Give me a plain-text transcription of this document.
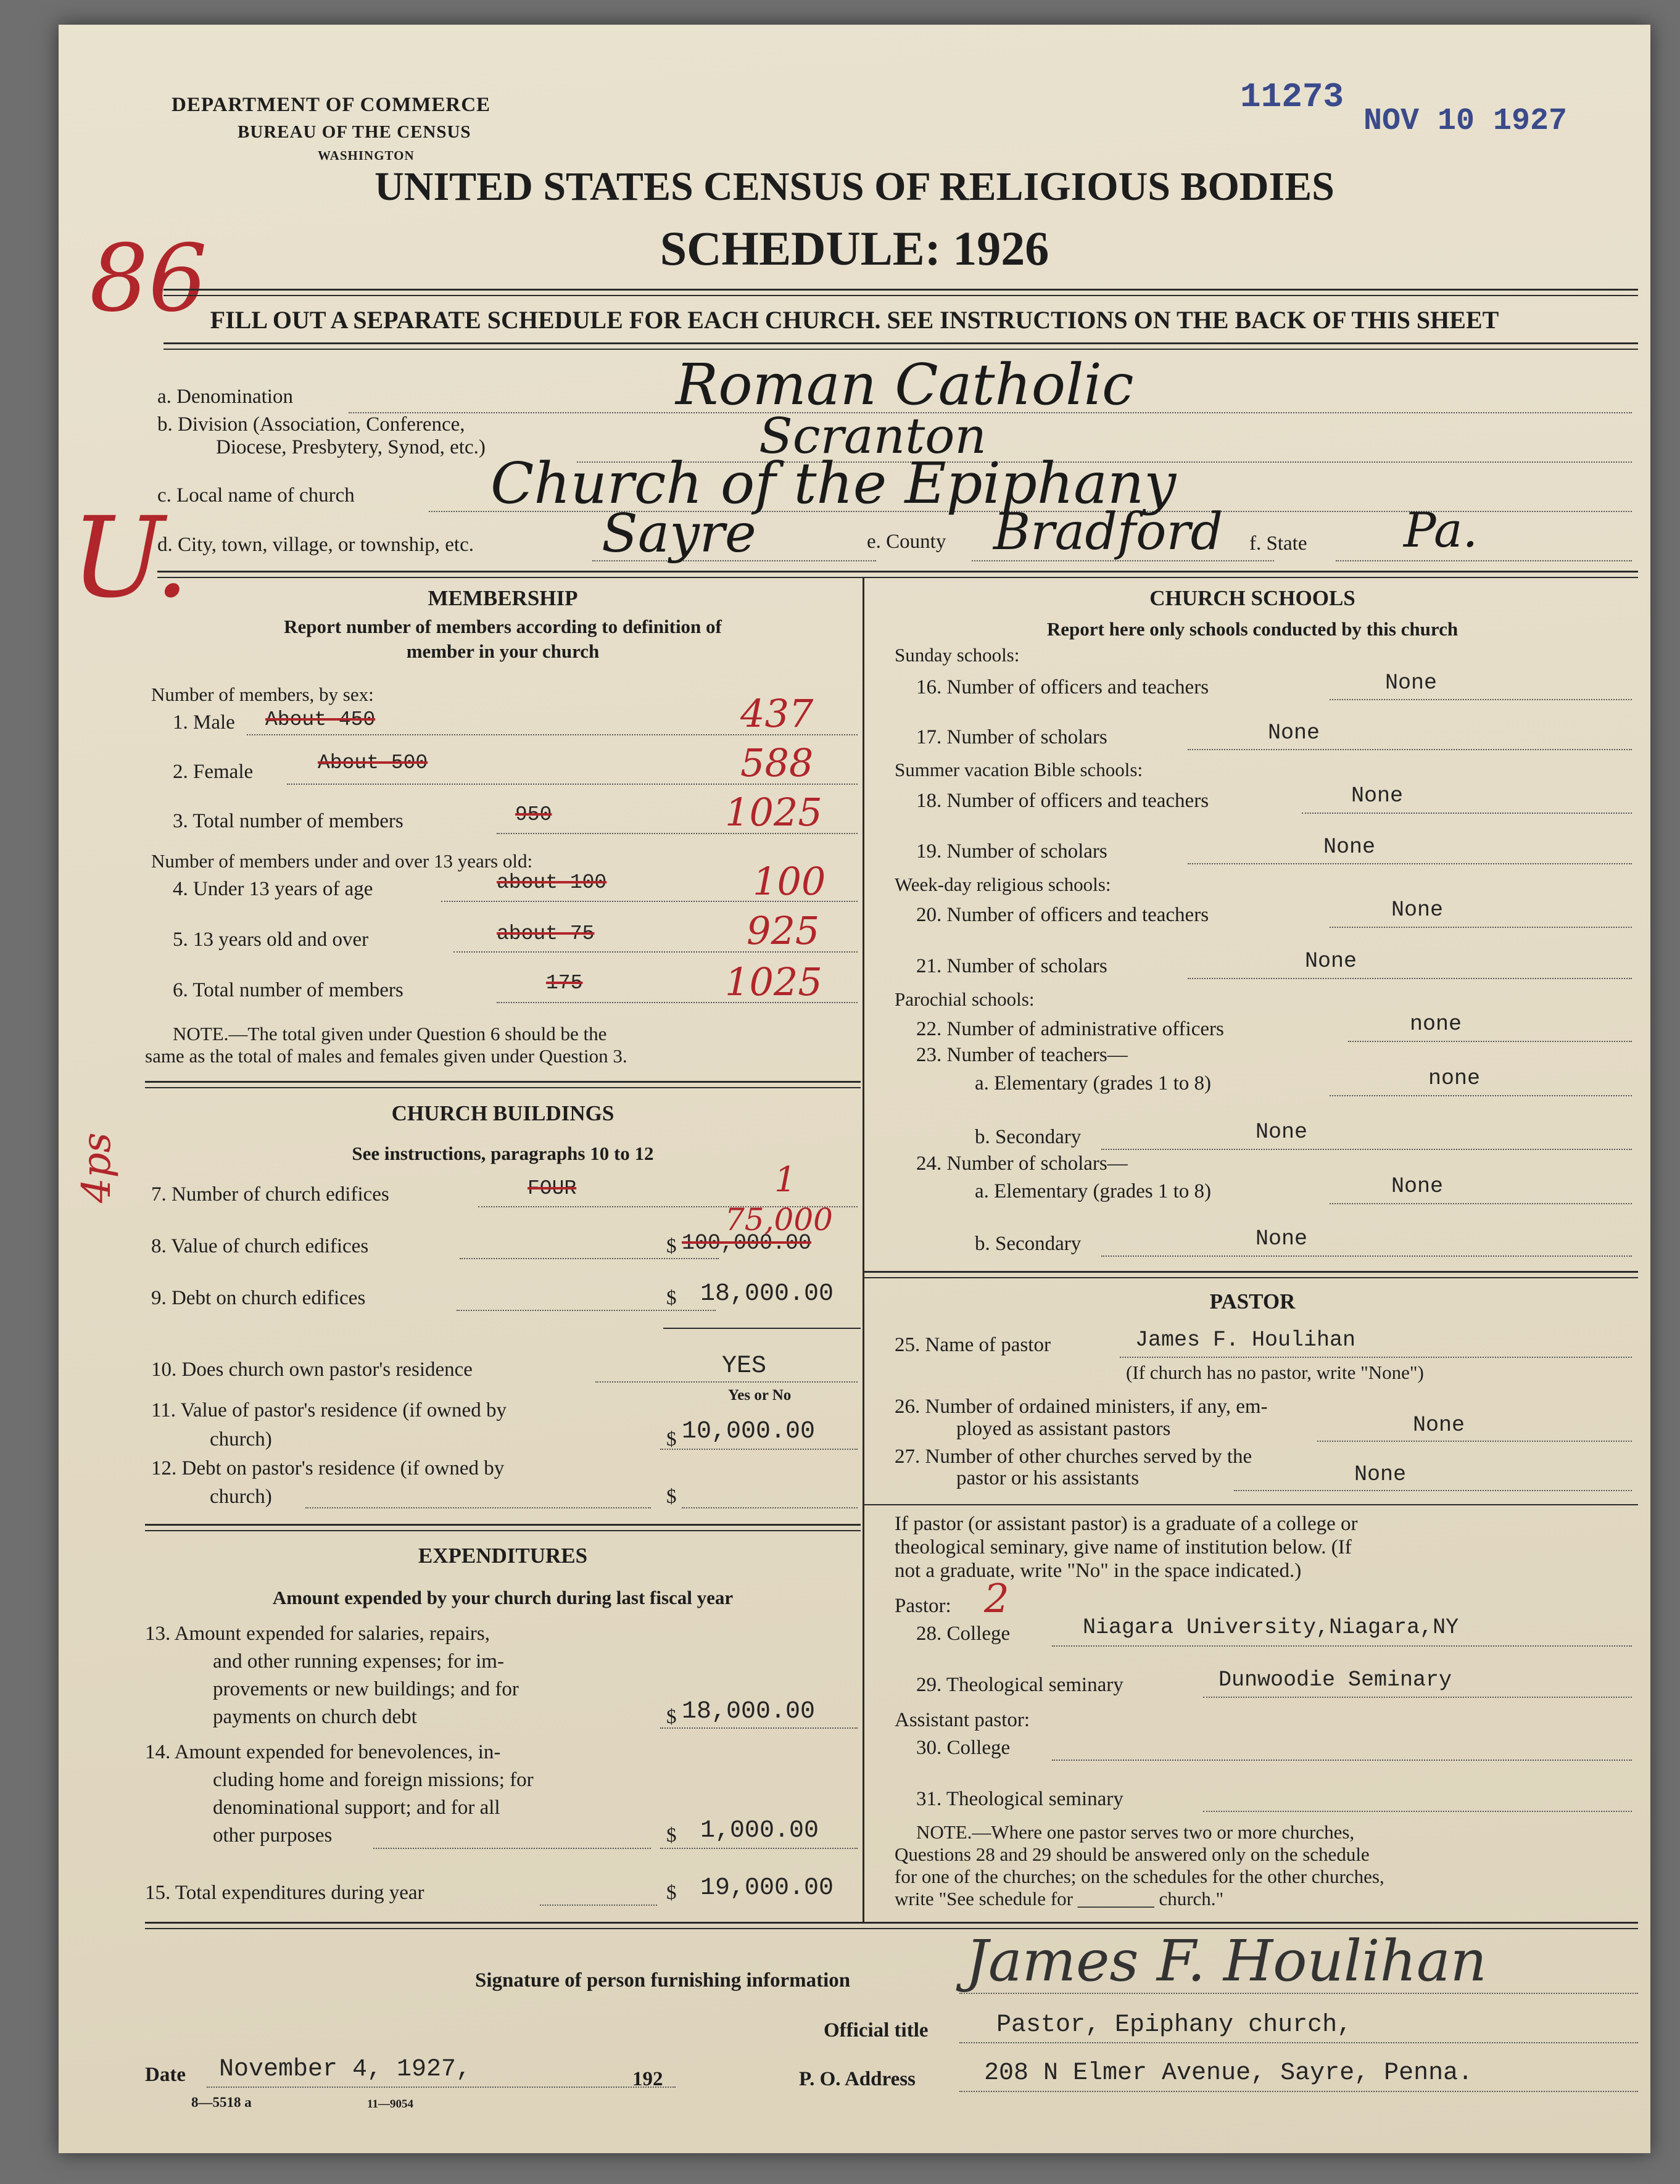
DEPARTMENT OF COMMERCE
BUREAU OF THE CENSUS
WASHINGTON
11273
NOV 10 1927
UNITED STATES CENSUS OF RELIGIOUS BODIES
SCHEDULE: 1926
86 FILL OUT A SEPARATE SCHEDULE FOR EACH CHURCH. SEE INSTRUCTIONS ON THE BACK OF THIS SHEET
a. Denomination	Roman Catholic
b. Division (Association, Conference,
Diocese, Presbytery, Synod, etc.)	Scranton
c. Local name of church Church of the Epiphany
U.
d. City, town, village, or township, etc. Sayre	e. County Bradford f. State Pa.
MEMBERSHIP
Report number of members according to definition of
member in your church
Number of members, by sex:
1. Male About 450	437
2. Female	About 500	588
3. Total number of members	950	1025
Number of members under and over 13 years old:
4. Under 13 years of age	about 100	100
5. 13 years old and over	about 75	925
6. Total number of members	175	1025
NOTE.—The total given under Question 6 should be the
same as the total of males and females given under Question 3.
CHURCH BUILDINGS
See instructions, paragraphs 10 to 12
4ps 7. Number of church edifices	FOUR	1
8. Value of church edifices	$ 100,000.00
75,000
9. Debt on church edifices	$ 18,000.00
10. Does church own pastor's residence	YES
Yes or No
11. Value of pastor's residence (if owned by
church)	$ 10,000.00
12. Debt on pastor's residence (if owned by
church)	$
EXPENDITURES
Amount expended by your church during last fiscal year
13. Amount expended for salaries, repairs,
and other running expenses; for im-
provements or new buildings; and for
payments on church debt	$ 18,000.00
14. Amount expended for benevolences, in-
cluding home and foreign missions; for
denominational support; and for all
other purposes	$ 1,000.00
15. Total expenditures during year	$ 19,000.00
CHURCH SCHOOLS
Report here only schools conducted by this church
Sunday schools:
16. Number of officers and teachers	None
17. Number of scholars	None
Summer vacation Bible schools:
18. Number of officers and teachers	None
19. Number of scholars	None
Week-day religious schools:
20. Number of officers and teachers	None
21. Number of scholars	None
Parochial schools:
22. Number of administrative officers	none
23. Number of teachers—
a. Elementary (grades 1 to 8)	none
b. Secondary	None
24. Number of scholars—
a. Elementary (grades 1 to 8)	None
b. Secondary	None
PASTOR
25. Name of pastor	James F. Houlihan
(If church has no pastor, write "None")
26. Number of ordained ministers, if any, em-
ployed as assistant pastors	None
27. Number of other churches served by the
pastor or his assistants	None
If pastor (or assistant pastor) is a graduate of a college or
theological seminary, give name of institution below. (If
not a graduate, write "No" in the space indicated.)
Pastor: 2
28. College	Niagara University,Niagara,NY
29. Theological seminary	Dunwoodie Seminary
Assistant pastor:
30. College
31. Theological seminary
NOTE.—Where one pastor serves two or more churches,
Questions 28 and 29 should be answered only on the schedule
for one of the churches; on the schedules for the other churches,
write "See schedule for ________ church."
Signature of person furnishing information James F. Houlihan
Official title	Pastor, Epiphany church,
Date November 4, 1927,	192	P. O. Address	208 N Elmer Avenue, Sayre, Penna.
8—5518 a	11—9054
